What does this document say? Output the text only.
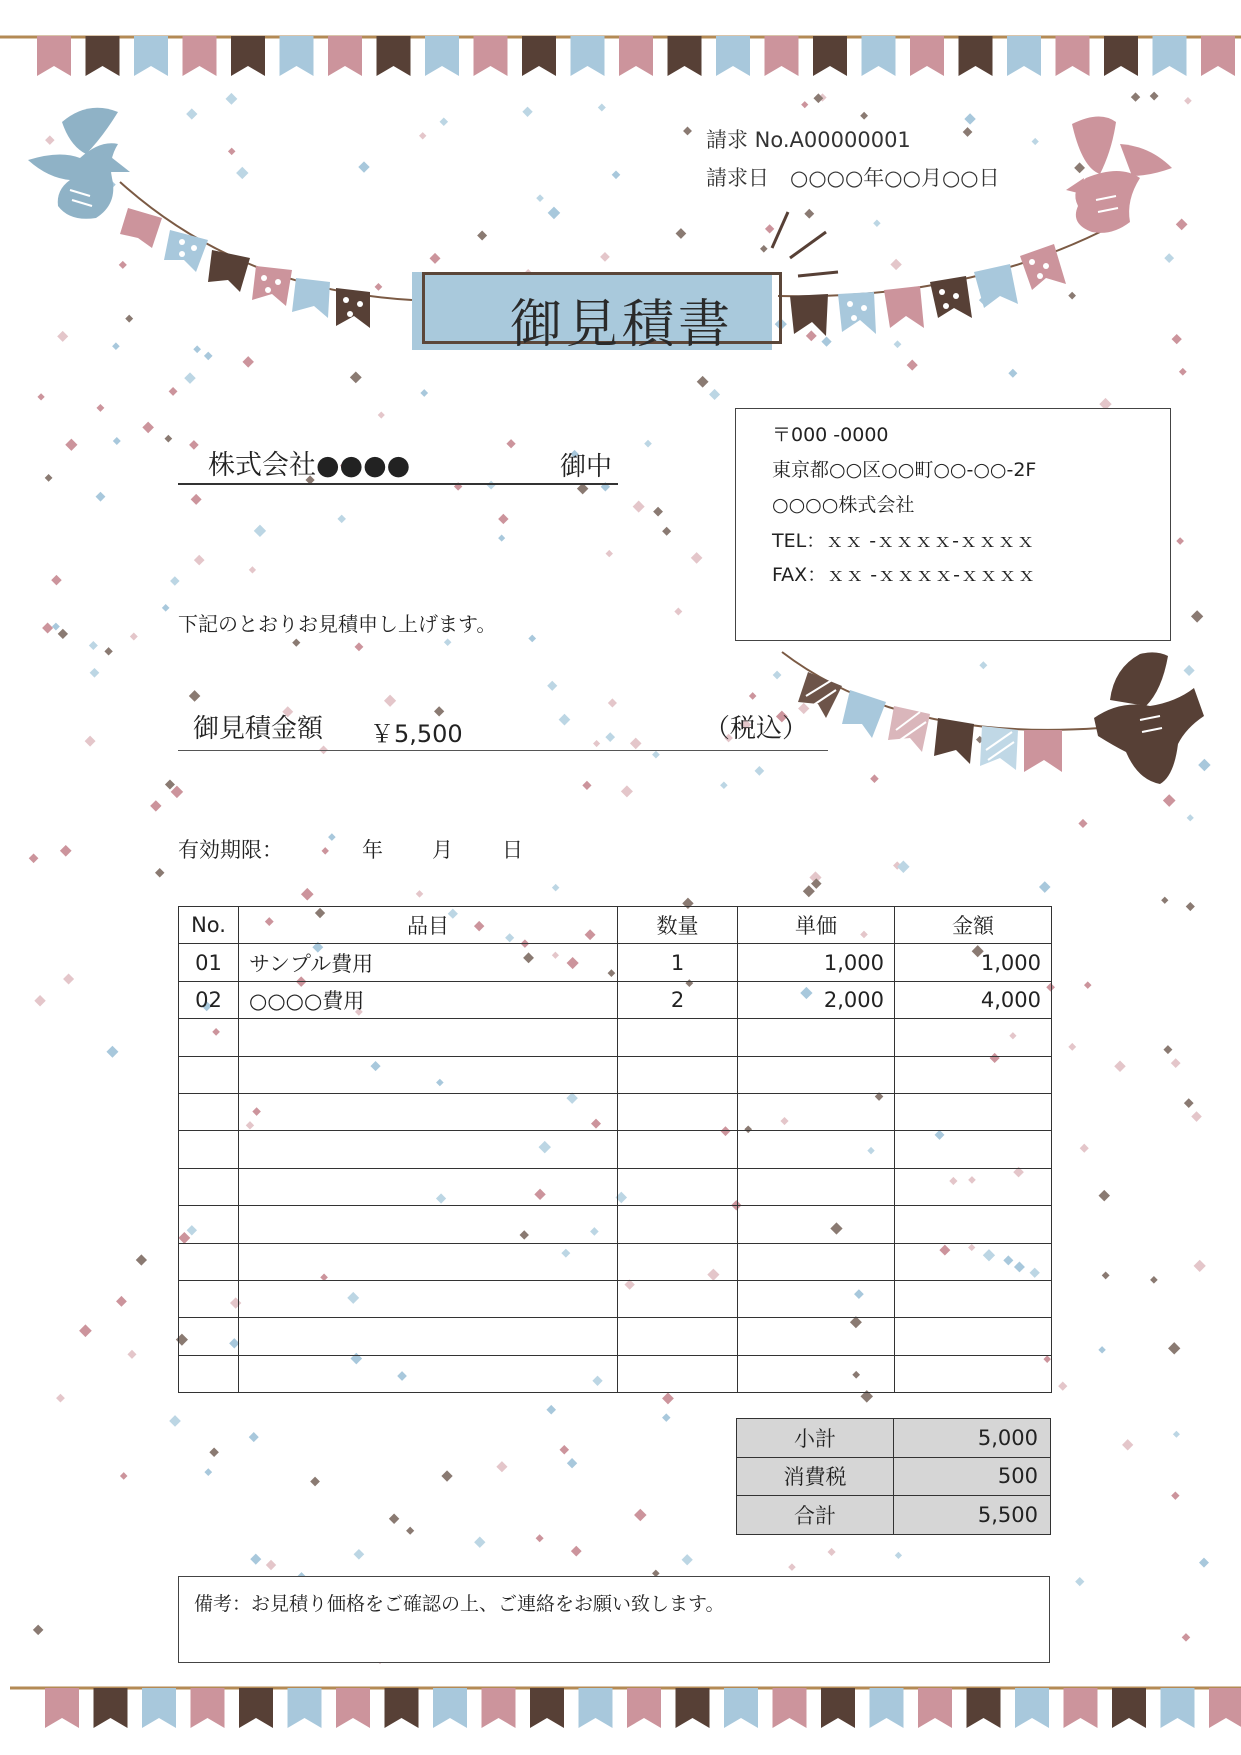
請求 No.A00000001
請求日　○○○○年○○月○○日
御見積書
株式会社●●●●	御中
〒000 -0000
東京都○○区○○町○○-○○-2F
○○○○株式会社
TEL：ｘｘ -ｘｘｘｘ-ｘｘｘｘ
FAX：ｘｘ -ｘｘｘｘ-ｘｘｘｘ
下記のとおりお見積申し上げます。
御見積金額 ￥5,500	（税込）
有効期限：	年 月 日
No.	品目	数量	単価	金額
01	サンプル費用	1	1,000	1,000
02	○○○○費用	2	2,000	4,000

小計	5,000
消費税	500
合計	5,500
備考：お見積り価格をご確認の上、ご連絡をお願い致します。
